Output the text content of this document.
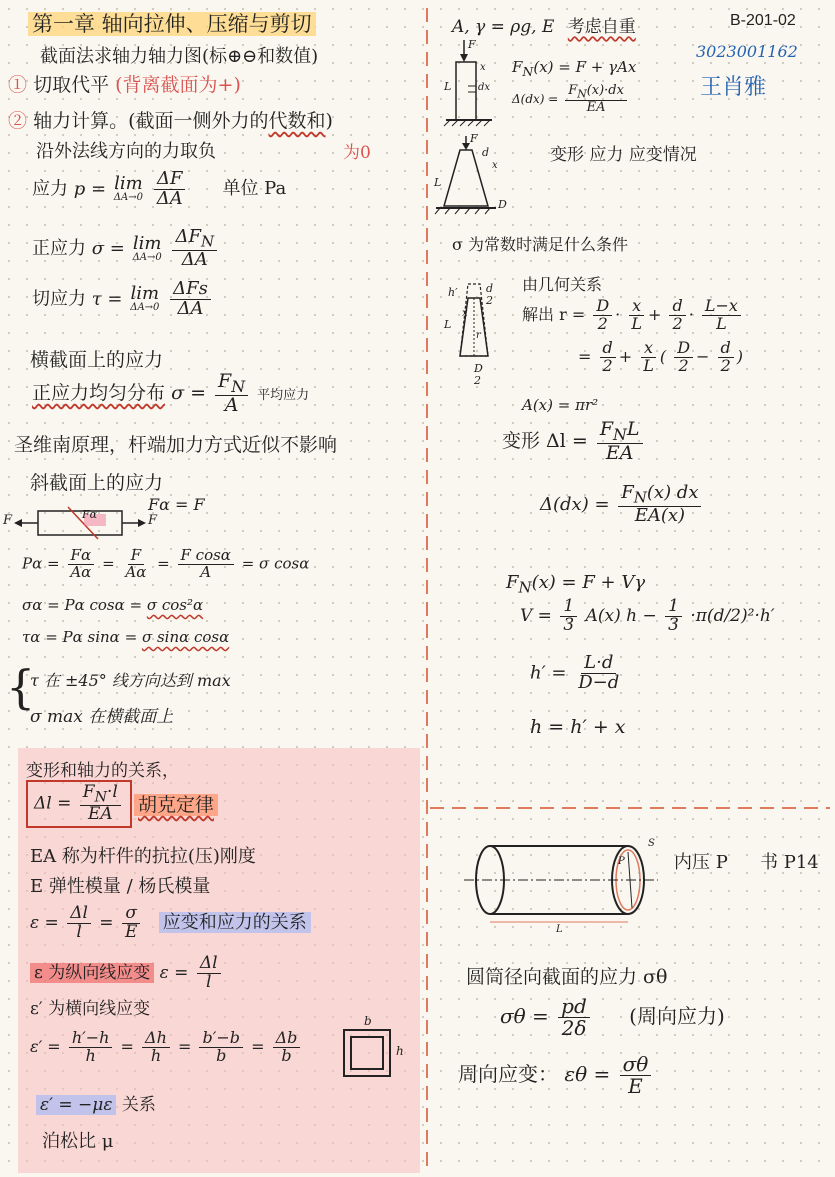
第一章 轴向拉伸、压缩与剪切
截面法求轴力轴力图(标⊕⊖和数值)
① 切取代平 (背离截面为+)
② 轴力计算。(截面一侧外力的代数和)
沿外法线方向的力取负	为0
应力 p = lim
ΔA→0
$\frac{\Delta F}{\Delta A}$ 单位 Pa
正应力 σ = lim
ΔA→0
$\frac{\Delta F_N}{\Delta A}$
切应力 τ = lim
ΔA→0
$\frac{\text{ΔFs}}{\Delta A}$
横截面上的应力
正应力均匀分布 $\sigma = \frac{F_N}{A}$ 平均应力
圣维南原理，杆端加力方式近似不影响
斜截面上的应力
F	F
Fα
Fα = F
$P\alpha = \frac{F\alpha}{A\alpha} = \frac{F}{A\alpha} = \frac{\text{F cosα}}{A} = \sigma$ cosα
σα = Pα cosα = σ cos²α
τα = Pα sinα = σ sinα cosα
{
τ 在 ±45° 线方向达到 max
σ max 在横截面上
变形和轴力的关系，
$\Delta l = \frac{F_N\cdot l}{EA}$ 胡克定律
EA 称为杆件的抗拉(压)刚度
E 弹性模量 / 杨氏模量
$\varepsilon = \frac{\Delta l}{l} = \frac{\sigma}{E}$ 应变和应力的关系
ε 为纵向线应变 $\varepsilon = \frac{\Delta l}{l}$
ε′ 为横向线应变
$\varepsilon' = \frac{h'-h}{h} = \frac{\Delta h}{h} = \frac{b'-b}{b} = \frac{\Delta b}{b}$
b
h
ε′ = −με 关系
泊松比 μ
B-201-02
3023001162
王肖雅
A, γ = ρg, E 考虑自重
F
x
dx
L
$F_N(x) = F + \gamma Ax$
$\Delta(dx) = \frac{F_N(x)\cdot dx}{EA}$
F
d
x
L
D
变形 应力 应变情况
σ 为常数时满足什么条件
h′	d
2
L
x
r
D
2
由几何关系
解出 $r = \frac{D}{2} \cdot \frac{x}{L} + \frac{d}{2} \cdot \frac{L-x}{L}$
= $\frac{d}{2} + \frac{x}{L}$ ( $\frac{D}{2} - \frac{d}{2}$ )
A(x) = πr²
变形 $\Delta l = \frac{F_NL}{EA}$
$\Delta(dx) = \frac{F_N(x) dx}{EA(x)}$
$F_N(x) = F + V\gamma$
$V = \frac{1}{3} A(x) h - \frac{1}{3} \cdot\pi(d/2)^2\cdot h'$
$h' = \frac{L\cdot d}{D-d}$
h = h′ + x
P
S
L
内压 P 书 P14
圆筒径向截面的应力 σθ
$\sigma\theta = \frac{pd}{2\delta}$ (周向应力)
周向应变： $\varepsilon\theta = \frac{\sigma\theta}{E}$
